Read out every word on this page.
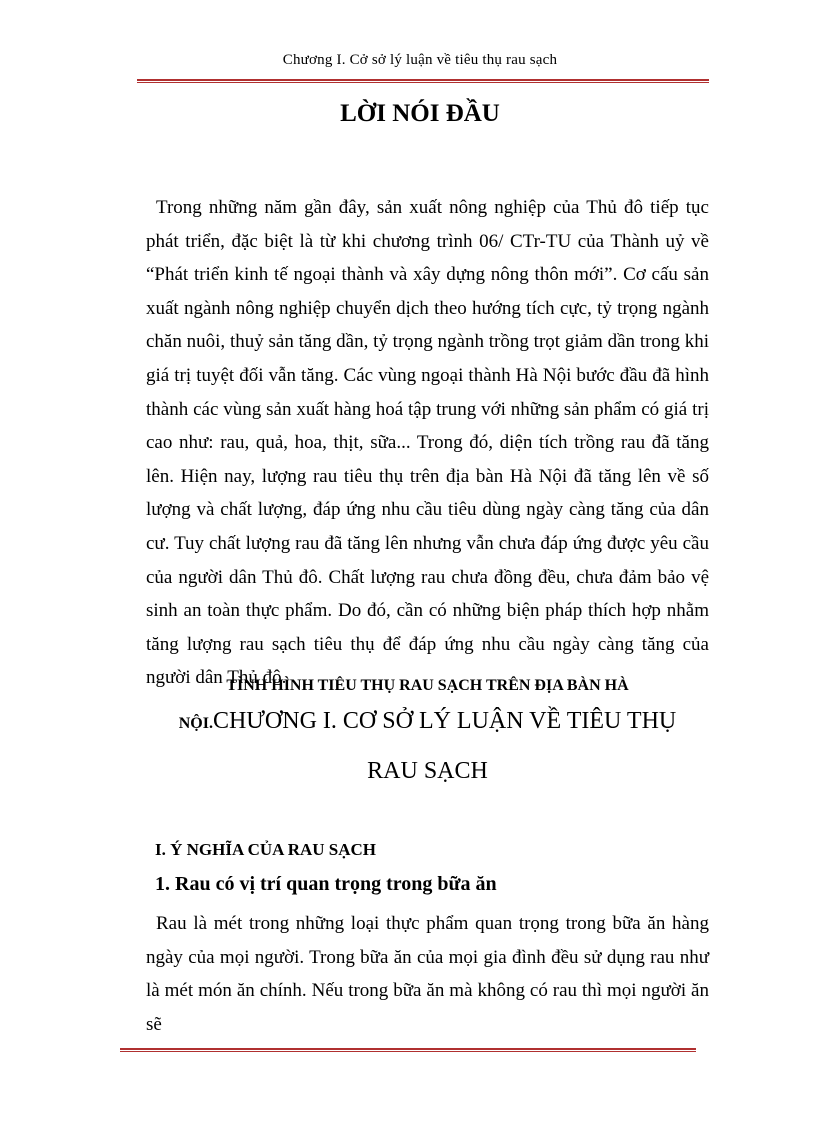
Chương I. Cở sở lý luận về tiêu thụ rau sạch
LỜI NÓI ĐẦU
Trong những năm gần đây, sản xuất nông nghiệp của Thủ đô tiếp tục phát triển, đặc biệt là từ khi chương trình 06/ CTr-TU của Thành uỷ về “Phát triển kinh tế ngoại thành và xây dựng nông thôn mới”. Cơ cấu sản xuất ngành nông nghiệp chuyển dịch theo hướng tích cực, tỷ trọng ngành chăn nuôi, thuỷ sản tăng dần, tỷ trọng ngành trồng trọt giảm dần trong khi giá trị tuyệt đối vẫn tăng. Các vùng ngoại thành Hà Nội bước đầu đã hình thành các vùng sản xuất hàng hoá tập trung với những sản phẩm có giá trị cao như: rau, quả, hoa, thịt, sữa... Trong đó, diện tích trồng rau đã tăng lên. Hiện nay, lượng rau tiêu thụ trên địa bàn Hà Nội đã tăng lên về số lượng và chất lượng, đáp ứng nhu cầu tiêu dùng ngày càng tăng của dân cư. Tuy chất lượng rau đã tăng lên nhưng vẫn chưa đáp ứng được yêu cầu của người dân Thủ đô. Chất lượng rau chưa đồng đều, chưa đảm bảo vệ sinh an toàn thực phẩm. Do đó, cần có những biện pháp thích hợp nhằm tăng lượng rau sạch tiêu thụ để đáp ứng nhu cầu ngày càng tăng của người dân Thủ đô.
TÌNH HÌNH TIÊU THỤ RAU SẠCH TRÊN ĐỊA BÀN HÀ
NỘI.CHƯƠNG I. CƠ SỞ LÝ LUẬN VỀ TIÊU THỤ
RAU SẠCH
I. Ý NGHĨA CỦA RAU SẠCH
1. Rau có vị trí quan trọng trong bữa ăn
Rau là mét trong những loại thực phẩm quan trọng trong bữa ăn hàng ngày của mọi người. Trong bữa ăn của mọi gia đình đều sử dụng rau như là mét món ăn chính. Nếu trong bữa ăn mà không có rau thì mọi người ăn sẽ
